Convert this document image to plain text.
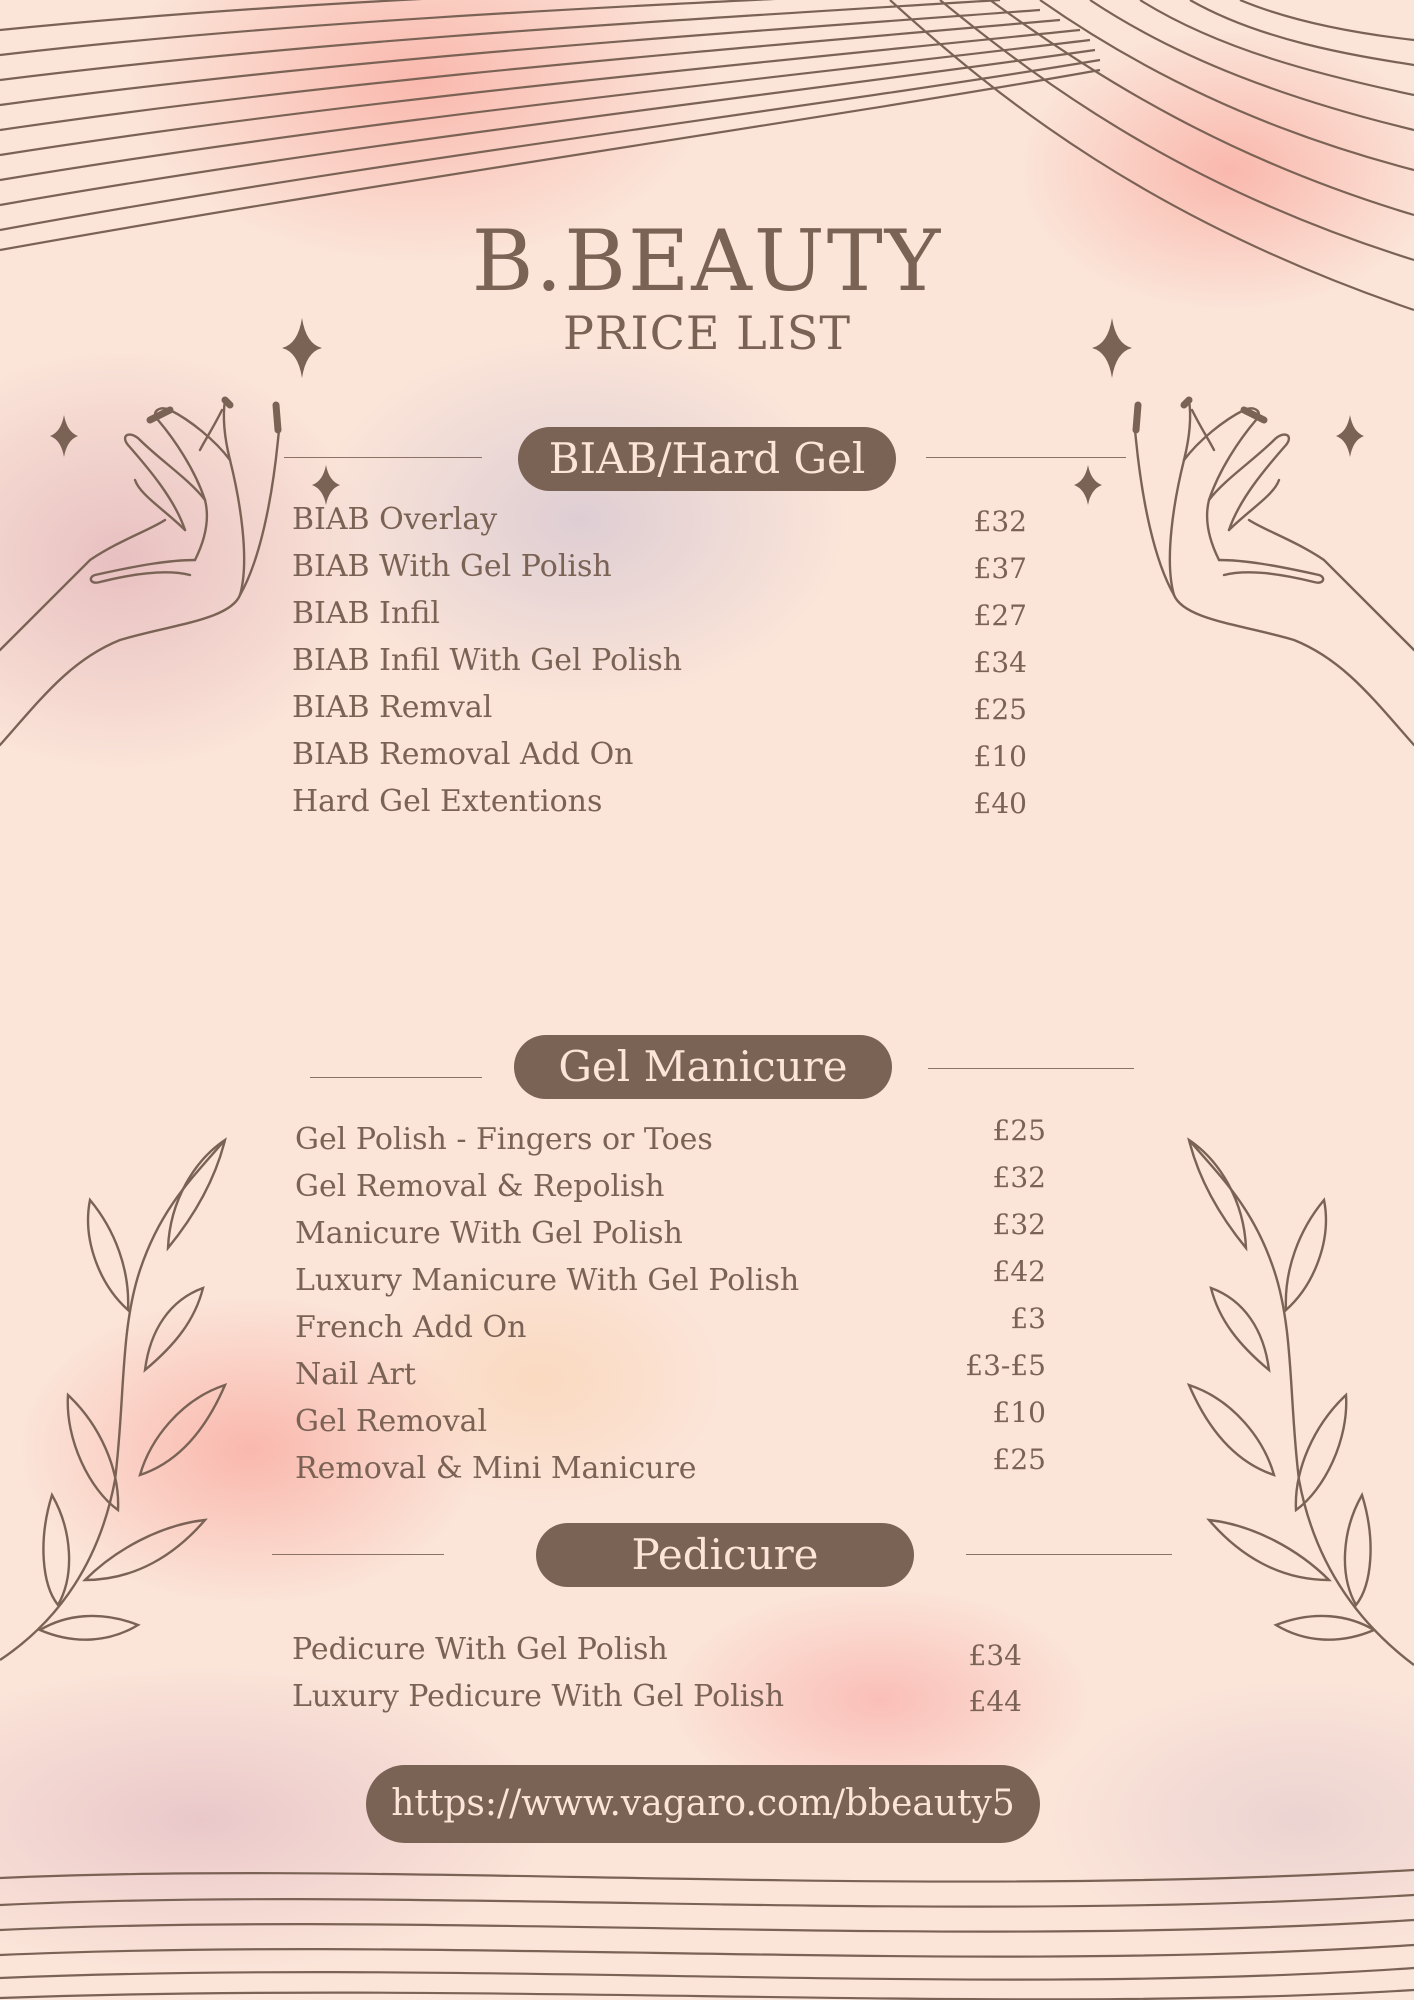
B.BEAUTY
PRICE LIST
BIAB/Hard Gel
BIAB Overlay	£32
BIAB With Gel Polish	£37
BIAB Infil	£27
BIAB Infil With Gel Polish	£34
BIAB Remval	£25
BIAB Removal Add On	£10
Hard Gel Extentions	£40
Gel Manicure
Gel Polish - Fingers or Toes	£25
Gel Removal & Repolish	£32
Manicure With Gel Polish	£32
Luxury Manicure With Gel Polish	£42
French Add On	£3
Nail Art	£3-£5
Gel Removal	£10
Removal & Mini Manicure	£25
Pedicure
Pedicure With Gel Polish	£34
Luxury Pedicure With Gel Polish	£44
https://www.vagaro.com/bbeauty5
